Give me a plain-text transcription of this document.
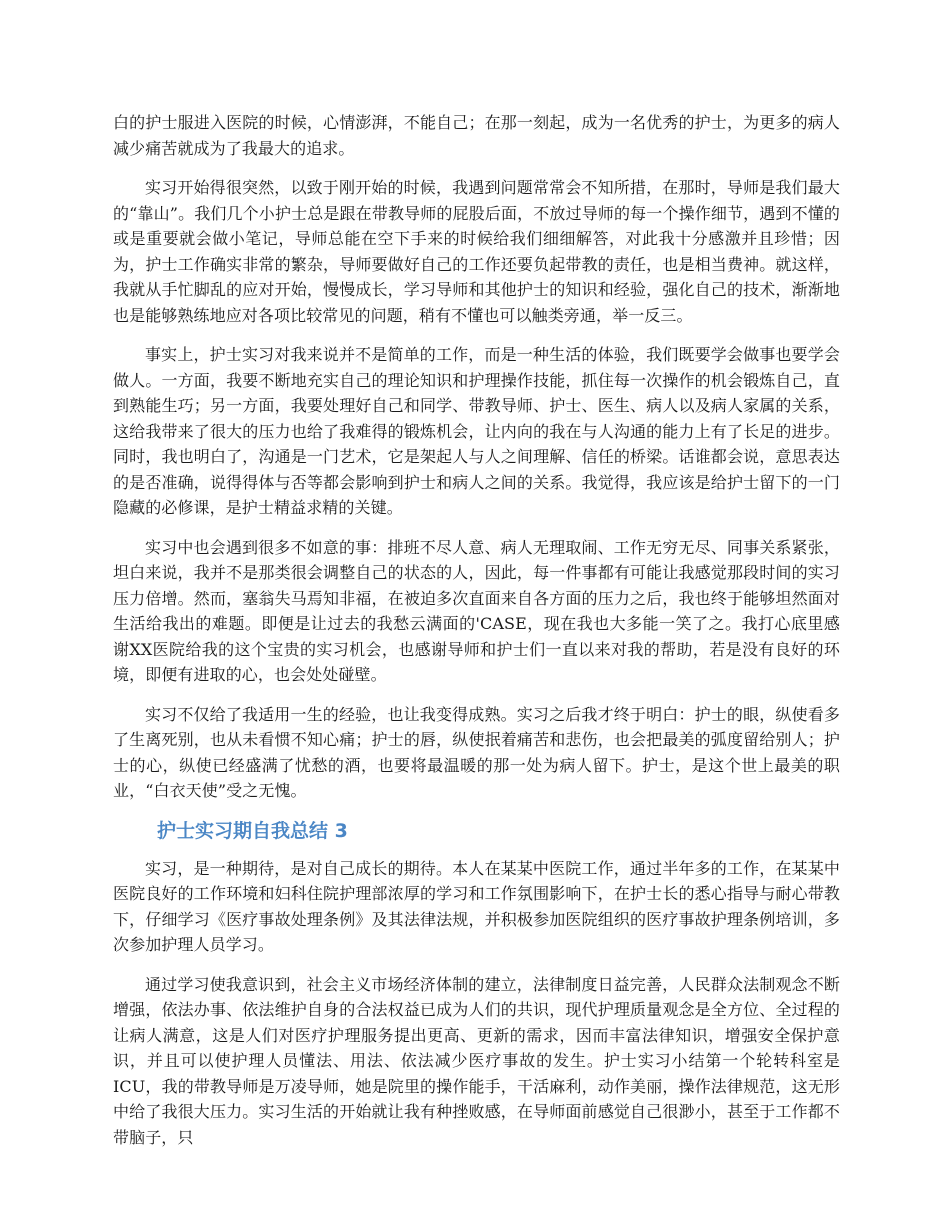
白的护士服进入医院的时候，心情澎湃，不能自己；在那一刻起，成为一名优秀的护士，为更多的病人减少痛苦就成为了我最大的追求。

实习开始得很突然，以致于刚开始的时候，我遇到问题常常会不知所措，在那时，导师是我们最大的“靠山”。我们几个小护士总是跟在带教导师的屁股后面，不放过导师的每一个操作细节，遇到不懂的或是重要就会做小笔记，导师总能在空下手来的时候给我们细细解答，对此我十分感激并且珍惜；因为，护士工作确实非常的繁杂，导师要做好自己的工作还要负起带教的责任，也是相当费神。就这样，我就从手忙脚乱的应对开始，慢慢成长，学习导师和其他护士的知识和经验，强化自己的技术，渐渐地也是能够熟练地应对各项比较常见的问题，稍有不懂也可以触类旁通，举一反三。

事实上，护士实习对我来说并不是简单的工作，而是一种生活的体验，我们既要学会做事也要学会做人。一方面，我要不断地充实自己的理论知识和护理操作技能，抓住每一次操作的机会锻炼自己，直到熟能生巧；另一方面，我要处理好自己和同学、带教导师、护士、医生、病人以及病人家属的关系，这给我带来了很大的压力也给了我难得的锻炼机会，让内向的我在与人沟通的能力上有了长足的进步。同时，我也明白了，沟通是一门艺术，它是架起人与人之间理解、信任的桥梁。话谁都会说，意思表达的是否准确，说得得体与否等都会影响到护士和病人之间的关系。我觉得，我应该是给护士留下的一门隐藏的必修课，是护士精益求精的关键。

实习中也会遇到很多不如意的事：排班不尽人意、病人无理取闹、工作无穷无尽、同事关系紧张，坦白来说，我并不是那类很会调整自己的状态的人，因此，每一件事都有可能让我感觉那段时间的实习压力倍增。然而，塞翁失马焉知非福，在被迫多次直面来自各方面的压力之后，我也终于能够坦然面对生活给我出的难题。即便是让过去的我愁云满面的'CASE，现在我也大多能一笑了之。我打心底里感谢XX医院给我的这个宝贵的实习机会，也感谢导师和护士们一直以来对我的帮助，若是没有良好的环境，即便有进取的心，也会处处碰壁。

实习不仅给了我适用一生的经验，也让我变得成熟。实习之后我才终于明白：护士的眼，纵使看多了生离死别，也从未看惯不知心痛；护士的唇，纵使抿着痛苦和悲伤，也会把最美的弧度留给别人；护士的心，纵使已经盛满了忧愁的酒，也要将最温暖的那一处为病人留下。护士，是这个世上最美的职业，“白衣天使”受之无愧。

护士实习期自我总结 3

实习，是一种期待，是对自己成长的期待。本人在某某中医院工作，通过半年多的工作，在某某中医院良好的工作环境和妇科住院护理部浓厚的学习和工作氛围影响下，在护士长的悉心指导与耐心带教下，仔细学习《医疗事故处理条例》及其法律法规，并积极参加医院组织的医疗事故护理条例培训，多次参加护理人员学习。

通过学习使我意识到，社会主义市场经济体制的建立，法律制度日益完善，人民群众法制观念不断增强，依法办事、依法维护自身的合法权益已成为人们的共识，现代护理质量观念是全方位、全过程的让病人满意，这是人们对医疗护理服务提出更高、更新的需求，因而丰富法律知识，增强安全保护意识，并且可以使护理人员懂法、用法、依法减少医疗事故的发生。护士实习小结第一个轮转科室是ICU，我的带教导师是万凌导师，她是院里的操作能手，干活麻利，动作美丽，操作法律规范，这无形中给了我很大压力。实习生活的开始就让我有种挫败感，在导师面前感觉自己很渺小，甚至于工作都不带脑子，只
